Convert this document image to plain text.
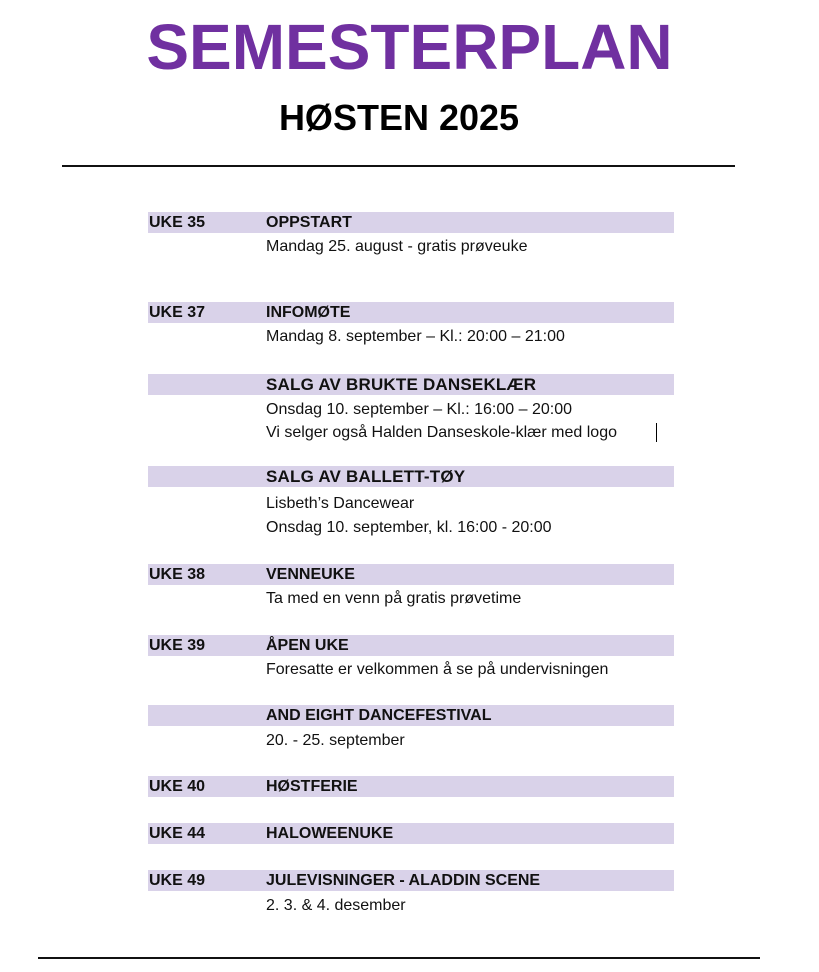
SEMESTERPLAN
HØSTEN 2025
UKE 35	OPPSTART
Mandag 25. august - gratis prøveuke
UKE 37	INFOMØTE
Mandag 8. september – Kl.: 20:00 – 21:00
SALG AV BRUKTE DANSEKLÆR
Onsdag 10. september – Kl.: 16:00 – 20:00
Vi selger også Halden Danseskole-klær med logo
SALG AV BALLETT-TØY
Lisbeth’s Dancewear
Onsdag 10. september, kl. 16:00 - 20:00
UKE 38	VENNEUKE
Ta med en venn på gratis prøvetime
UKE 39	ÅPEN UKE
Foresatte er velkommen å se på undervisningen
AND EIGHT DANCEFESTIVAL
20. - 25. september
UKE 40	HØSTFERIE
UKE 44	HALOWEENUKE
UKE 49	JULEVISNINGER - ALADDIN SCENE
2. 3. & 4. desember
